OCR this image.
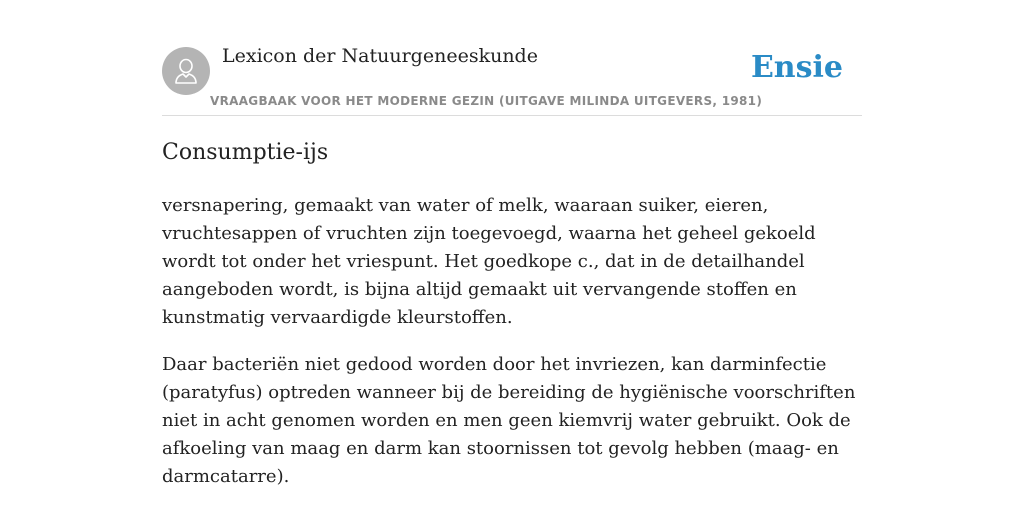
Lexicon der Natuurgeneeskunde
VRAAGBAAK VOOR HET MODERNE GEZIN (UITGAVE MILINDA UITGEVERS, 1981)
Ensie
Consumptie-ijs

versnapering, gemaakt van water of melk, waaraan suiker, eieren, vruchtesappen of vruchten zijn toegevoegd, waarna het geheel gekoeld wordt tot onder het vriespunt. Het goedkope c., dat in de detailhandel aangeboden wordt, is bijna altijd gemaakt uit vervangende stoffen en kunstmatig vervaardigde kleurstoffen.

Daar bacteriën niet gedood worden door het invriezen, kan darminfectie (paratyfus) optreden wanneer bij de bereiding de hygiënische voorschriften niet in acht genomen worden en men geen kiemvrij water gebruikt. Ook de afkoeling van maag en darm kan stoornissen tot gevolg hebben (maag- en darmcatarre).
